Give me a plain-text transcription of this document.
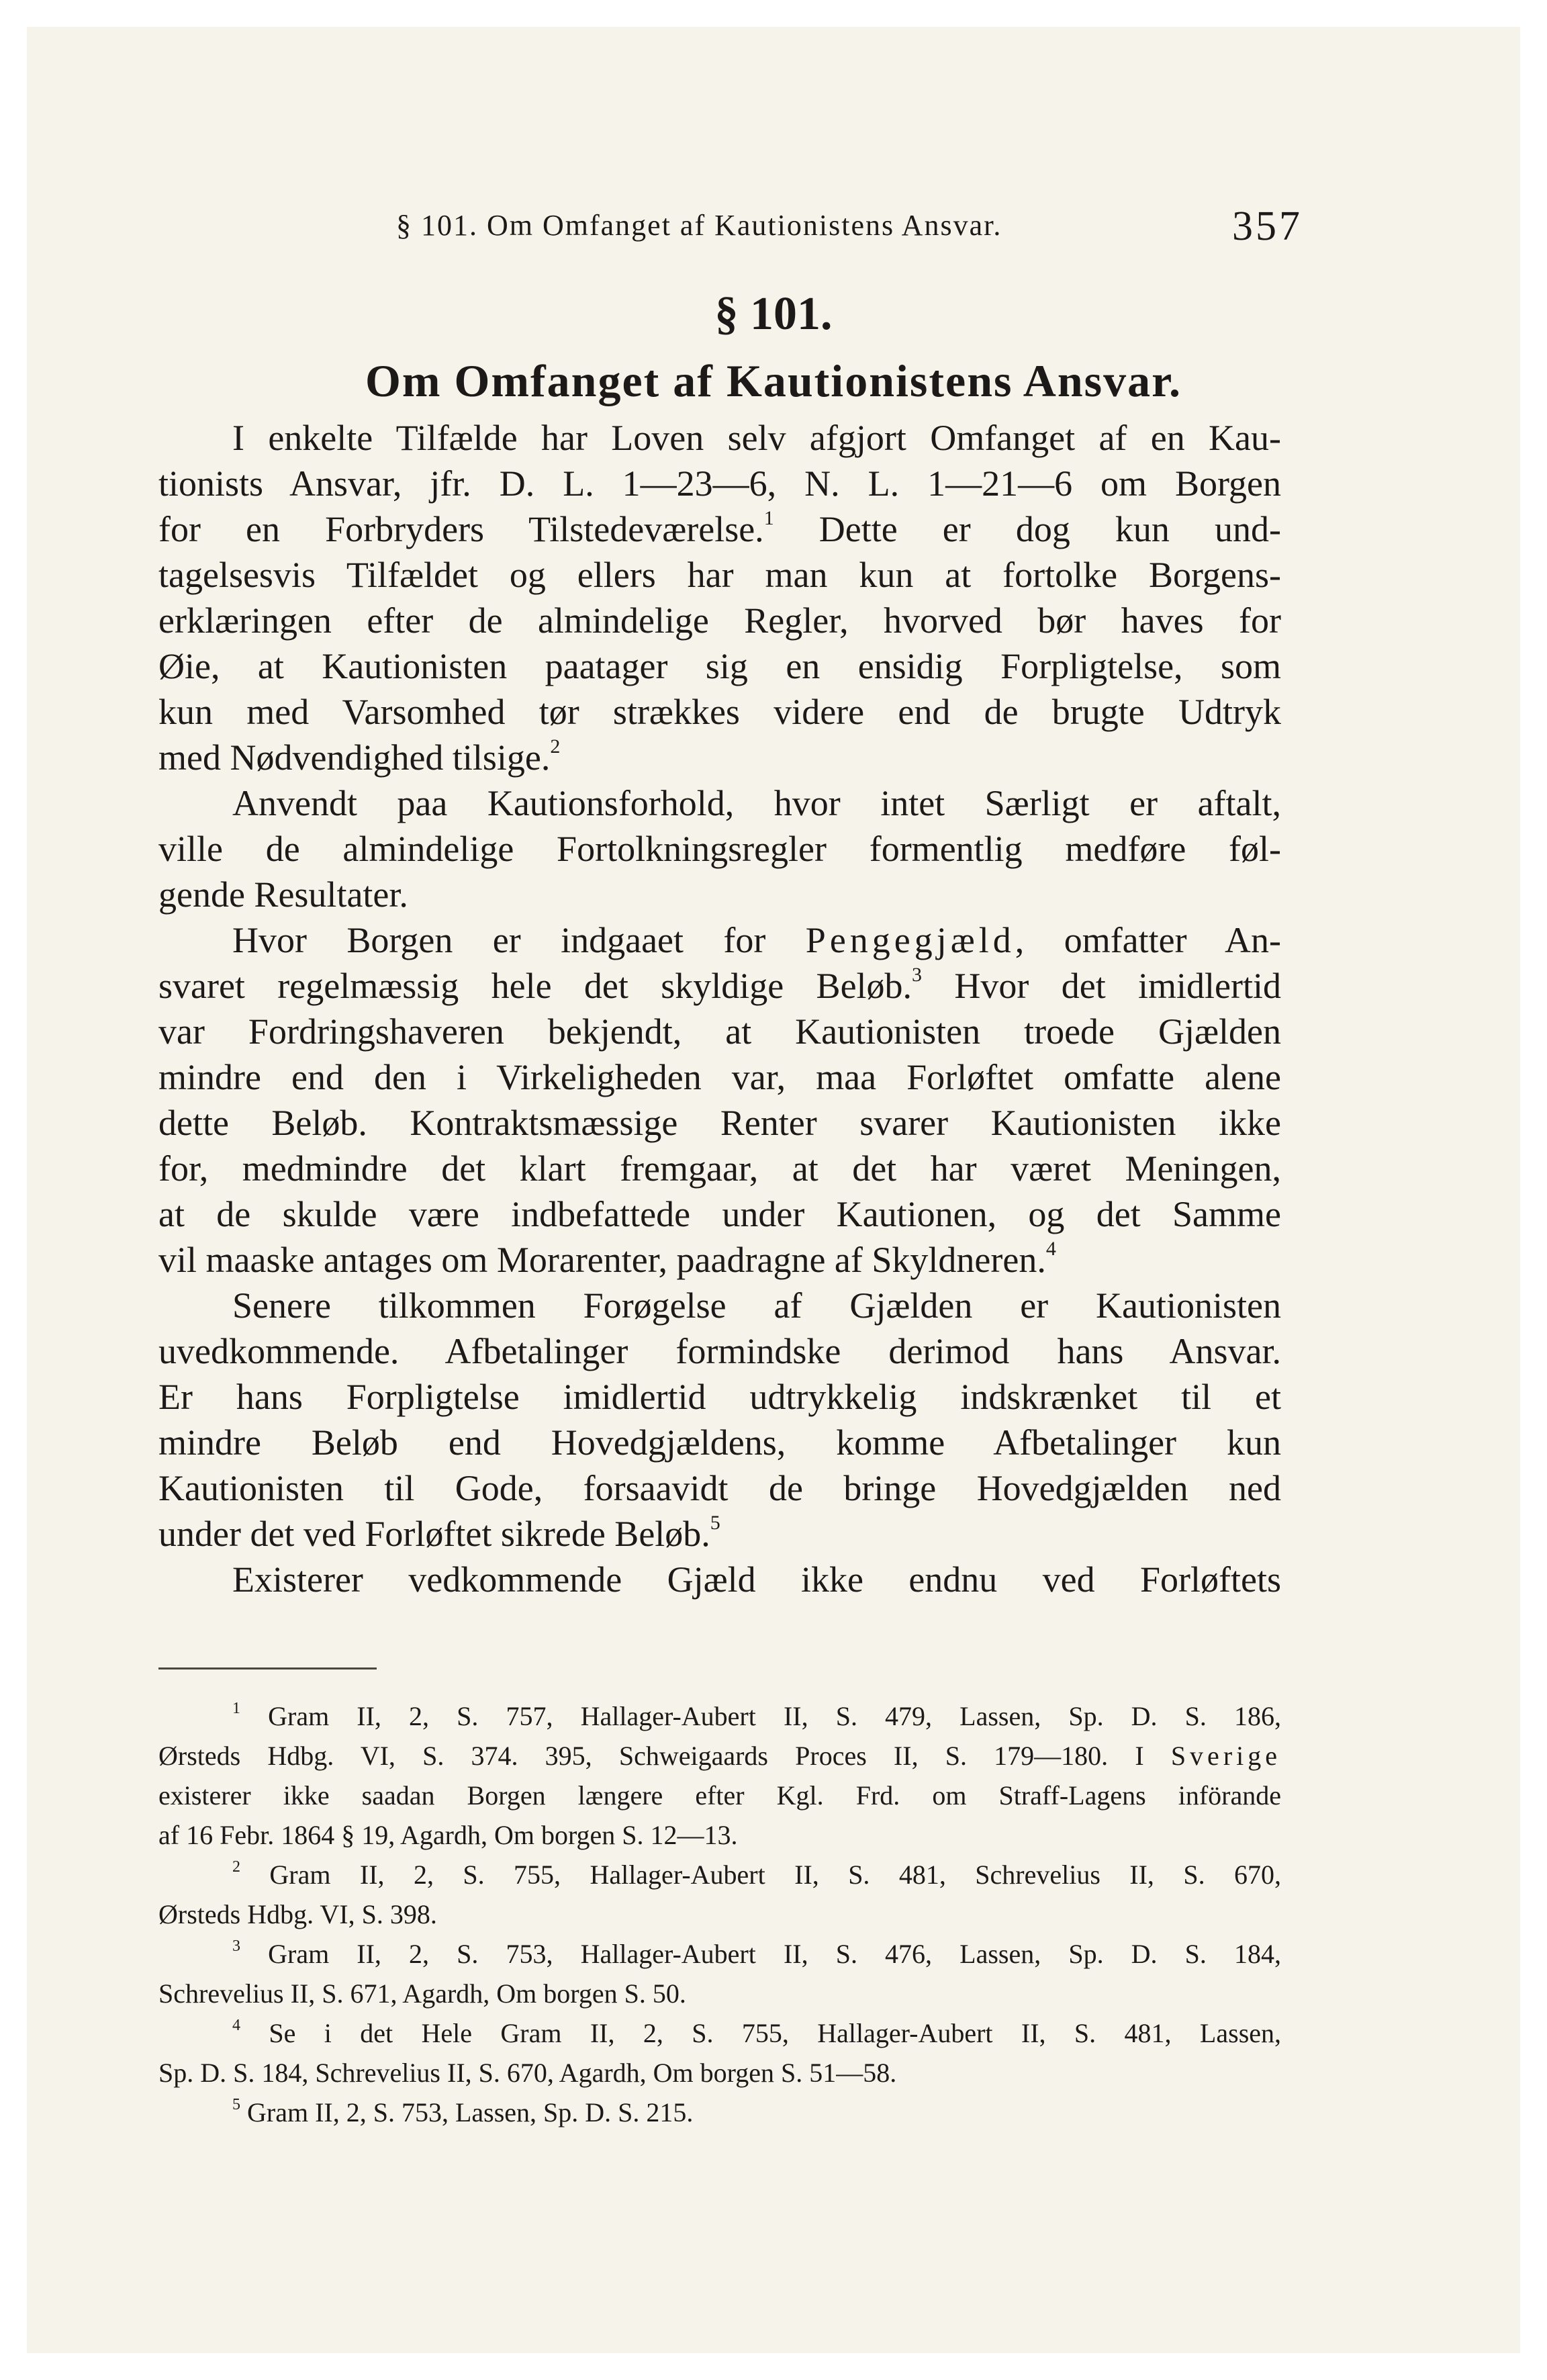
§ 101. Om Omfanget af Kautionistens Ansvar.	357
§ 101.
Om Omfanget af Kautionistens Ansvar.
I enkelte Tilfælde har Loven selv afgjort Omfanget af en Kau-
tionists Ansvar, jfr. D. L. 1—23—6, N. L. 1—21—6 om Borgen
for en Forbryders Tilstedeværelse.$^1$ Dette er dog kun und-
tagelsesvis Tilfældet og ellers har man kun at fortolke Borgens-
erklæringen efter de almindelige Regler, hvorved bør haves for
Øie, at Kautionisten paatager sig en ensidig Forpligtelse, som
kun med Varsomhed tør strækkes videre end de brugte Udtryk
med Nødvendighed tilsige.$^2$
Anvendt paa Kautionsforhold, hvor intet Særligt er aftalt,
ville de almindelige Fortolkningsregler formentlig medføre føl-
gende Resultater.
Hvor Borgen er indgaaet for Pengegjæld, omfatter An-
svaret regelmæssig hele det skyldige Beløb.$^3$ Hvor det imidlertid
var Fordringshaveren bekjendt, at Kautionisten troede Gjælden
mindre end den i Virkeligheden var, maa Forløftet omfatte alene
dette Beløb. Kontraktsmæssige Renter svarer Kautionisten ikke
for, medmindre det klart fremgaar, at det har været Meningen,
at de skulde være indbefattede under Kautionen, og det Samme
vil maaske antages om Morarenter, paadragne af Skyldneren.$^4$
Senere tilkommen Forøgelse af Gjælden er Kautionisten
uvedkommende. Afbetalinger formindske derimod hans Ansvar.
Er hans Forpligtelse imidlertid udtrykkelig indskrænket til et
mindre Beløb end Hovedgjældens, komme Afbetalinger kun
Kautionisten til Gode, forsaavidt de bringe Hovedgjælden ned
under det ved Forløftet sikrede Beløb.$^5$
Existerer vedkommende Gjæld ikke endnu ved Forløftets
$^1$ Gram II, 2, S. 757, Hallager-Aubert II, S. 479, Lassen, Sp. D. S. 186,
Ørsteds Hdbg. VI, S. 374. 395, Schweigaards Proces II, S. 179—180. I Sverige
existerer ikke saadan Borgen længere efter Kgl. Frd. om Straff-Lagens införande
af 16 Febr. 1864 § 19, Agardh, Om borgen S. 12—13.
$^2$ Gram II, 2, S. 755, Hallager-Aubert II, S. 481, Schrevelius II, S. 670,
Ørsteds Hdbg. VI, S. 398.
$^3$ Gram II, 2, S. 753, Hallager-Aubert II, S. 476, Lassen, Sp. D. S. 184,
Schrevelius II, S. 671, Agardh, Om borgen S. 50.
$^4$ Se i det Hele Gram II, 2, S. 755, Hallager-Aubert II, S. 481, Lassen,
Sp. D. S. 184, Schrevelius II, S. 670, Agardh, Om borgen S. 51—58.
$^5$ Gram II, 2, S. 753, Lassen, Sp. D. S. 215.
